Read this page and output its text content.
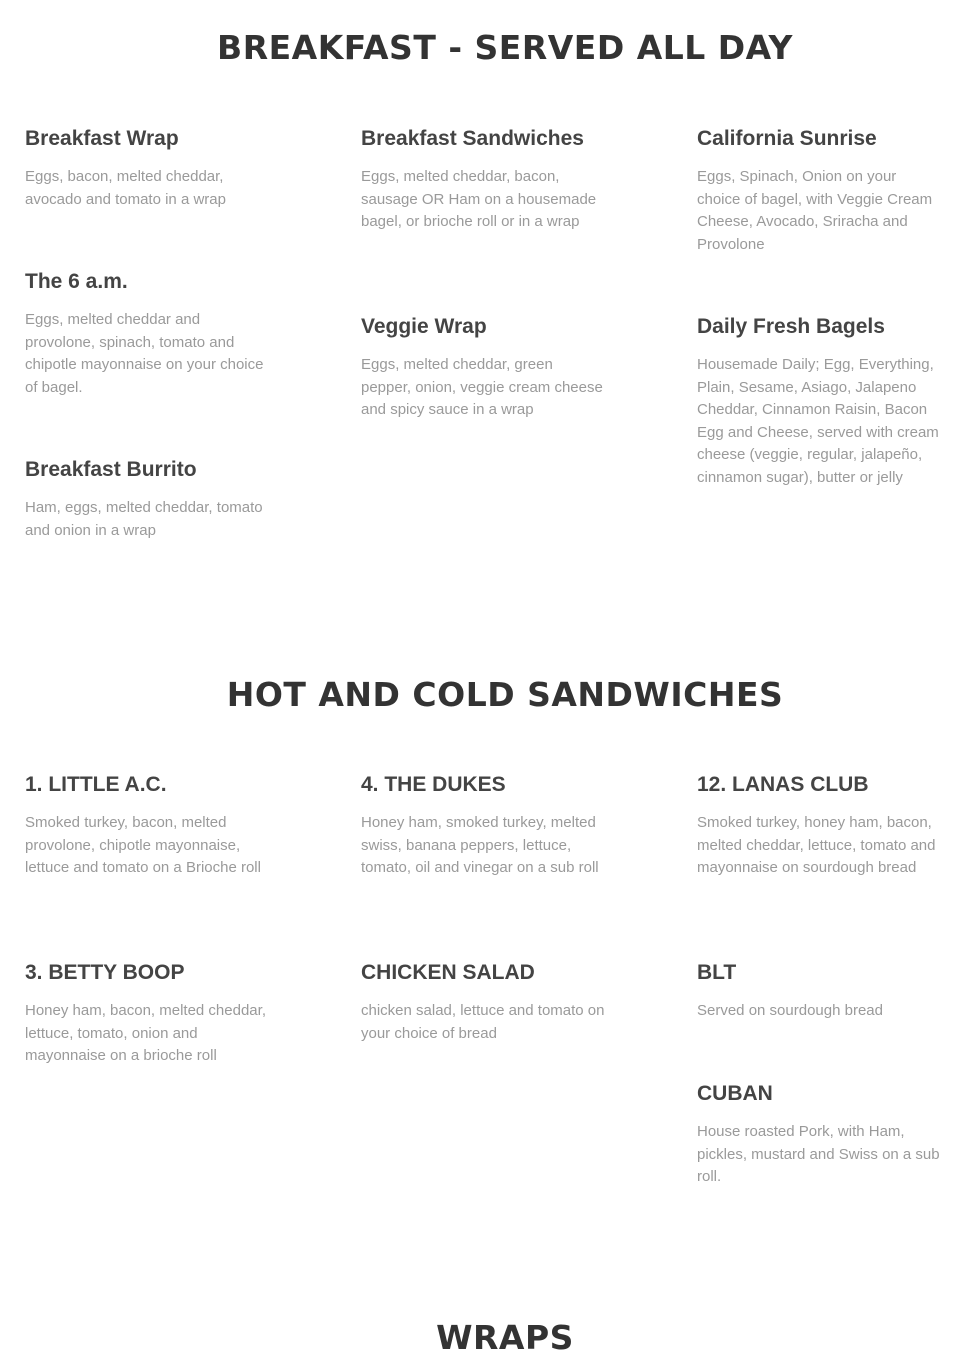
BREAKFAST - SERVED ALL DAY
Breakfast Wrap

Eggs, bacon, melted cheddar, avocado and tomato in a wrap

The 6 a.m.

Eggs, melted cheddar and provolone, spinach, tomato and chipotle mayonnaise on your choice of bagel.

Breakfast Burrito

Ham, eggs, melted cheddar, tomato and onion in a wrap

Breakfast Sandwiches

Eggs, melted cheddar, bacon, sausage OR Ham on a housemade bagel, or brioche roll or in a wrap

Veggie Wrap

Eggs, melted cheddar, green pepper, onion, veggie cream cheese and spicy sauce in a wrap

California Sunrise

Eggs, Spinach, Onion on your choice of bagel, with Veggie Cream Cheese, Avocado, Sriracha and Provolone

Daily Fresh Bagels

Housemade Daily; Egg, Everything, Plain, Sesame, Asiago, Jalapeno Cheddar, Cinnamon Raisin, Bacon Egg and Cheese, served with cream cheese (veggie, regular, jalapeño, cinnamon sugar), butter or jelly

HOT AND COLD SANDWICHES
1. LITTLE A.C.

Smoked turkey, bacon, melted provolone, chipotle mayonnaise, lettuce and tomato on a Brioche roll

3. BETTY BOOP

Honey ham, bacon, melted cheddar, lettuce, tomato, onion and mayonnaise on a brioche roll

4. THE DUKES

Honey ham, smoked turkey, melted swiss, banana peppers, lettuce, tomato, oil and vinegar on a sub roll

CHICKEN SALAD

chicken salad, lettuce and tomato on your choice of bread

12. LANAS CLUB

Smoked turkey, honey ham, bacon, melted cheddar, lettuce, tomato and mayonnaise on sourdough bread

BLT

Served on sourdough bread

CUBAN

House roasted Pork, with Ham, pickles, mustard and Swiss on a sub roll.

WRAPS
